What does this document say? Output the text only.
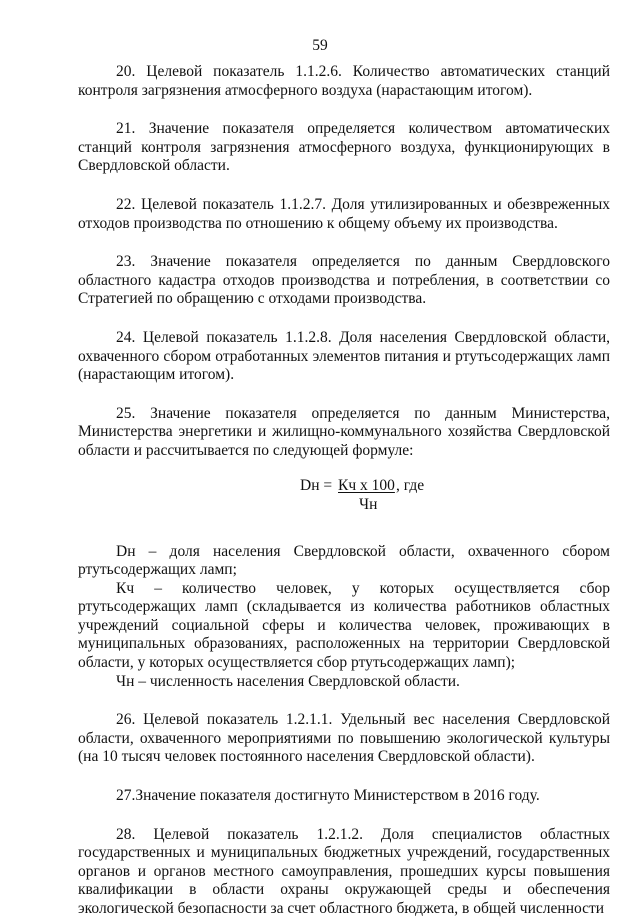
59

20. Целевой показатель 1.1.2.6. Количество автоматических станций контроля загрязнения атмосферного воздуха (нарастающим итогом).

21. Значение показателя определяется количеством автоматических станций контроля загрязнения атмосферного воздуха, функционирующих в Свердловской области.

22. Целевой показатель 1.1.2.7. Доля утилизированных и обезвреженных отходов производства по отношению к общему объему их производства.

23. Значение показателя определяется по данным Свердловского областного кадастра отходов производства и потребления, в соответствии со Стратегией по обращению с отходами производства.

24. Целевой показатель 1.1.2.8. Доля населения Свердловской области, охваченного сбором отработанных элементов питания и ртутьсодержащих ламп (нарастающим итогом).

25. Значение показателя определяется по данным Министерства, Министерства энергетики и жилищно-коммунального хозяйства Свердловской области и рассчитывается по следующей формуле:

Dн = Кч х 100 , где
Чн

Dн – доля населения Свердловской области, охваченного сбором ртутьсодержащих ламп;

Кч – количество человек, у которых осуществляется сбор ртутьсодержащих ламп (складывается из количества работников областных учреждений социальной сферы и количества человек, проживающих в муниципальных образованиях, расположенных на территории Свердловской области, у которых осуществляется сбор ртутьсодержащих ламп);

Чн – численность населения Свердловской области.

26. Целевой показатель 1.2.1.1. Удельный вес населения Свердловской области, охваченного мероприятиями по повышению экологической культуры (на 10 тысяч человек постоянного населения Свердловской области).

27.Значение показателя достигнуто Министерством в 2016 году.

28. Целевой показатель 1.2.1.2. Доля специалистов областных государственных и муниципальных бюджетных учреждений, государственных органов и органов местного самоуправления, прошедших курсы повышения квалификации в области охраны окружающей среды и обеспечения экологической безопасности за счет областного бюджета, в общей численности
